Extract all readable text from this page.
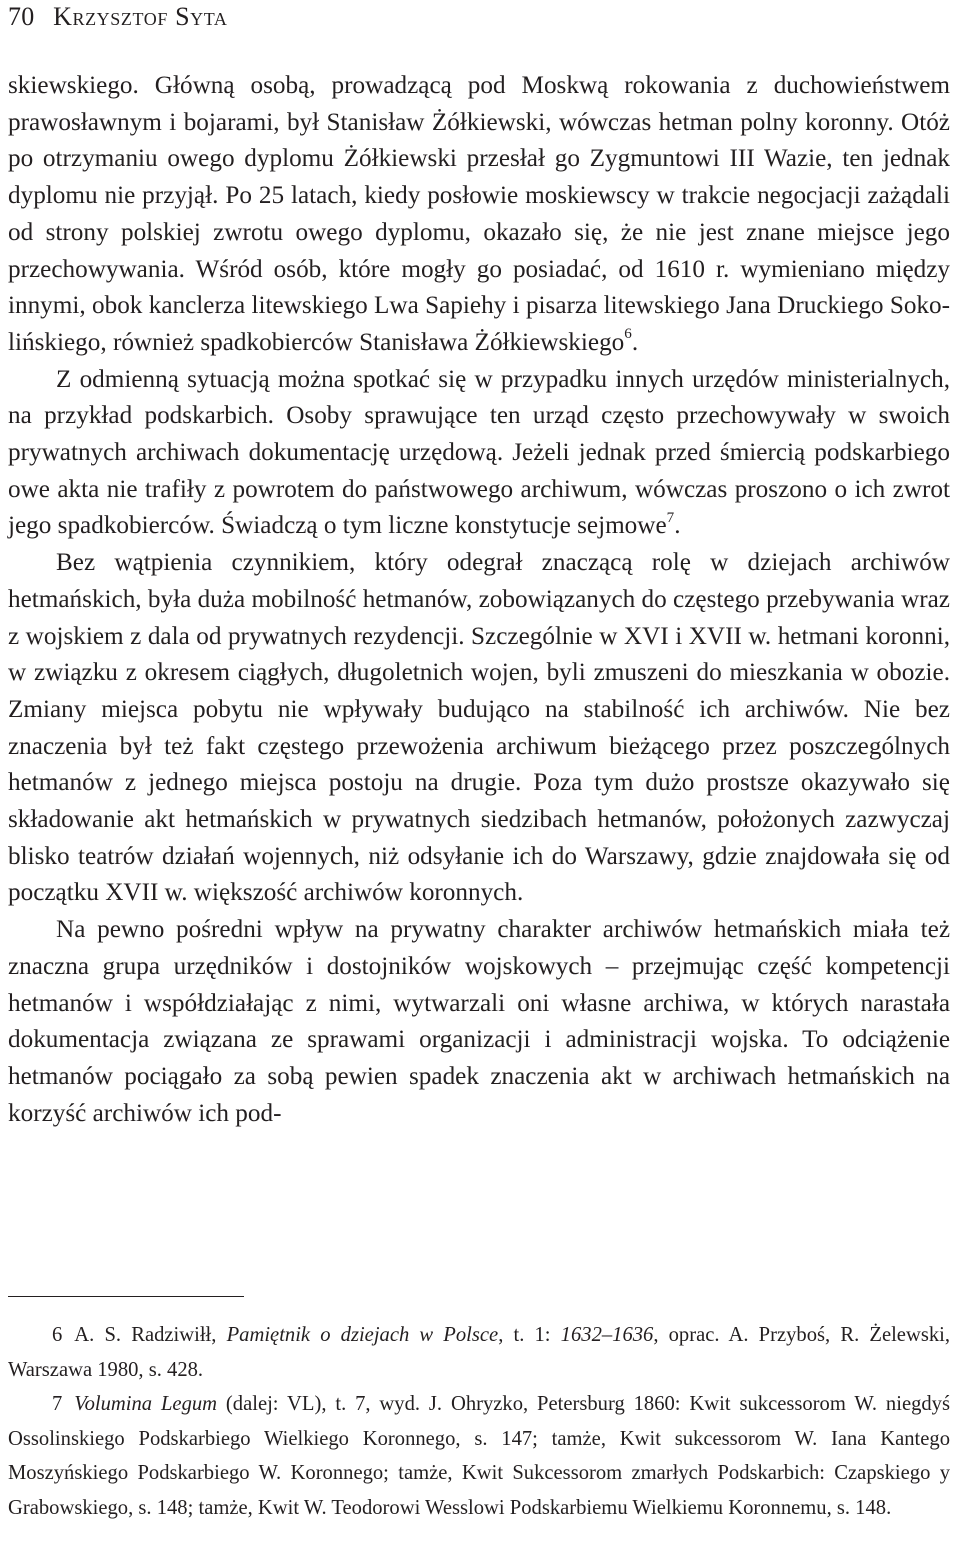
70 Krzysztof Syta

skiewskiego. Główną osobą, prowadzącą pod Moskwą rokowania z duchowieństwem prawosławnym i bojarami, był Stanisław Żółkiewski, wówczas hetman polny koronny. Otóż po otrzymaniu owego dyplomu Żółkiewski przesłał go Zygmuntowi III Wazie, ten jednak dyplomu nie przyjął. Po 25 latach, kiedy posłowie moskiewscy w trakcie negocjacji zażądali od strony polskiej zwrotu owego dyplomu, okazało się, że nie jest znane miejsce jego przechowywania. Wśród osób, które mogły go posiadać, od 1610 r. wymieniano między innymi, obok kanclerza litewskiego Lwa Sapiehy i pisarza litewskiego Jana Druckiego Sokolińskiego, również spadkobierców Stanisława Żółkiewskiego$^6$.

Z odmienną sytuacją można spotkać się w przypadku innych urzędów ministerialnych, na przykład podskarbich. Osoby sprawujące ten urząd często przechowywały w swoich prywatnych archiwach dokumentację urzędową. Jeżeli jednak przed śmiercią podskarbiego owe akta nie trafiły z powrotem do państwowego archiwum, wówczas proszono o ich zwrot jego spadkobierców. Świadczą o tym liczne konstytucje sejmowe$^7$.

Bez wątpienia czynnikiem, który odegrał znaczącą rolę w dziejach archiwów hetmańskich, była duża mobilność hetmanów, zobowiązanych do częstego przebywania wraz z wojskiem z dala od prywatnych rezydencji. Szczególnie w XVI i XVII w. hetmani koronni, w związku z okresem ciągłych, długoletnich wojen, byli zmuszeni do mieszkania w obozie. Zmiany miejsca pobytu nie wpływały budująco na stabilność ich archiwów. Nie bez znaczenia był też fakt częstego przewożenia archiwum bieżącego przez poszczególnych hetmanów z jednego miejsca postoju na drugie. Poza tym dużo prostsze okazywało się składowanie akt hetmańskich w prywatnych siedzibach hetmanów, położonych zazwyczaj blisko teatrów działań wojennych, niż odsyłanie ich do Warszawy, gdzie znajdowała się od początku XVII w. większość archiwów koronnych.

Na pewno pośredni wpływ na prywatny charakter archiwów hetmańskich miała też znaczna grupa urzędników i dostojników wojskowych – przejmując część kompetencji hetmanów i współdziałając z nimi, wytwarzali oni własne archiwa, w których narastała dokumentacja związana ze sprawami organizacji i administracji wojska. To odciążenie hetmanów pociągało za sobą pewien spadek znaczenia akt w archiwach hetmańskich na korzyść archiwów ich pod-

6 A. S. Radziwiłł, Pamiętnik o dziejach w Polsce, t. 1: 1632–1636, oprac. A. Przyboś, R. Żelewski, Warszawa 1980, s. 428.

7 Volumina Legum (dalej: VL), t. 7, wyd. J. Ohryzko, Petersburg 1860: Kwit sukcessorom W. niegdyś Ossolinskiego Podskarbiego Wielkiego Koronnego, s. 147; tamże, Kwit sukcessorom W. Iana Kantego Moszyńskiego Podskarbiego W. Koronnego; tamże, Kwit Sukcessorom zmarłych Podskarbich: Czapskiego y Grabowskiego, s. 148; tamże, Kwit W. Teodorowi Wesslowi Podskarbiemu Wielkiemu Koronnemu, s. 148.
